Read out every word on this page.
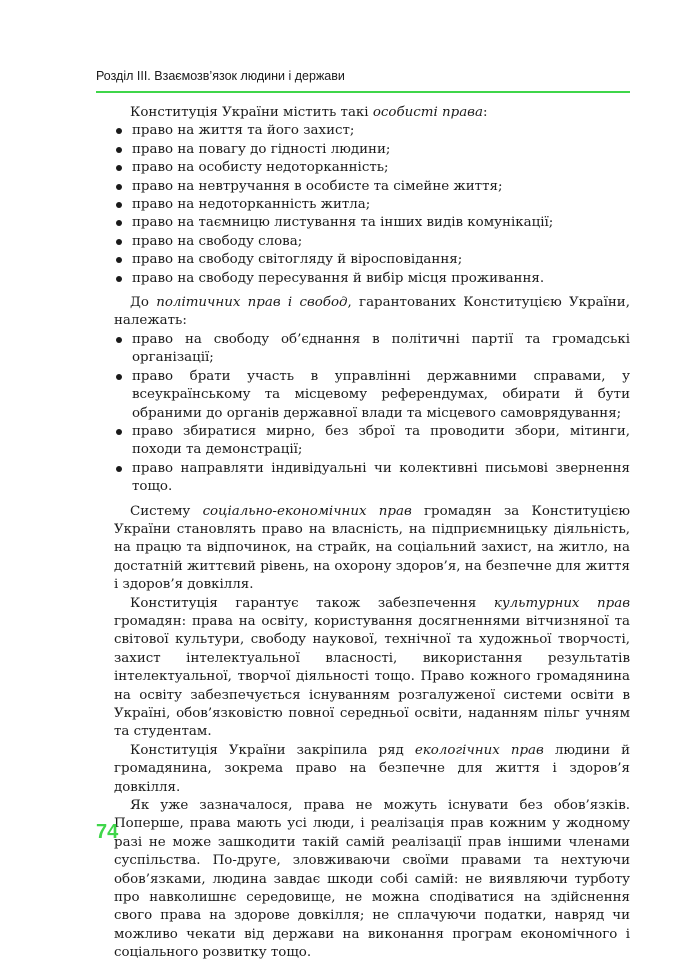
Розділ III. Взаємозв’язок людини і держави

Конституція України містить такі особисті права:

право на життя та його захист;
право на повагу до гідності людини;
право на особисту недоторканність;
право на невтручання в особисте та сімейне життя;
право на недоторканність житла;
право на таємницю листування та інших видів комунікації;
право на свободу слова;
право на свободу світогляду й віросповідання;
право на свободу пересування й вибір місця проживання.

До політичних прав і свобод, гарантованих Конституцією України, належать:

право на свободу об’єднання в політичні партії та громадські організації;
право брати участь в управлінні державними справами, у всеукраїнському та місцевому референдумах, обирати й бути обраними до органів державної влади та місцевого самоврядування;
право збиратися мирно, без зброї та проводити збори, мітинги, походи та демонстрації;
право направляти індивідуальні чи колективні письмові звернення тощо.

Систему соціально-економічних прав громадян за Конституцією України становлять право на власність, на підприємницьку діяльність, на працю та відпочинок, на страйк, на соціальний захист, на житло, на достатній життєвий рівень, на охорону здоров’я, на безпечне для життя і здоров’я довкілля.

Конституція гарантує також забезпечення культурних прав громадян: права на освіту, користування досягненнями вітчизняної та світової культури, свободу наукової, технічної та художньої творчості, захист інтелектуальної власності, використання результатів інтелектуальної, творчої діяльності тощо. Право кожного громадянина на освіту забезпечується існуванням розгалуженої системи освіти в Україні, обов’язковістю повної середньої освіти, наданням пільг учням та студентам.

Конституція України закріпила ряд екологічних прав людини й громадянина, зокрема право на безпечне для життя і здоров’я довкілля.

Як уже зазначалося, права не можуть існувати без обов’язків. Поперше, права мають усі люди, і реалізація прав кожним у жодному разі не може зашкодити такій самій реалізації прав іншими членами суспільства. По-друге, зловживаючи своїми правами та нехтуючи обов’язками, людина завдає шкоди собі самій: не виявляючи турботу про навколишнє середовище, не можна сподіватися на здійснення свого права на здорове довкілля; не сплачуючи податки, навряд чи можливо чекати від держави на виконання програм економічного і соціального розвитку тощо.

74
